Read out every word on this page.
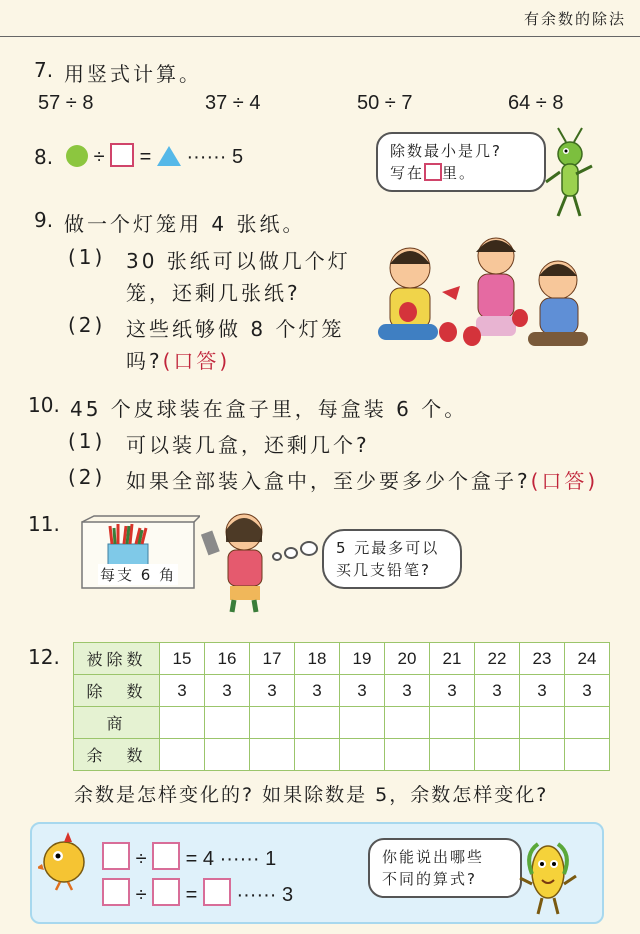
有余数的除法
7. 用竖式计算。
57 ÷ 8	37 ÷ 4	50 ÷ 7	64 ÷ 8
8.	÷ = ······ 5	除数最小是几?
写在 里。
9. 做一个灯笼用 4 张纸。
(1) 30 张纸可以做几个灯
笼，还剩几张纸?
(2) 这些纸够做 8 个灯笼
吗?(口答)
10. 45 个皮球装在盒子里，每盒装 6 个。
(1) 可以装几盒，还剩几个?
(2) 如果全部装入盒中，至少要多少个盒子?(口答)
11.
每支 6 角
5 元最多可以
买几支铅笔?
12. 被除数	15	16	17	18	19	20	21	22	23	24
除　数	3	3	3	3	3	3	3	3	3	3
商										
余　数										
余数是怎样变化的? 如果除数是 5，余数怎样变化?
÷ = 4 ······ 1
÷ = ······ 3
你能说出哪些
不同的算式?
